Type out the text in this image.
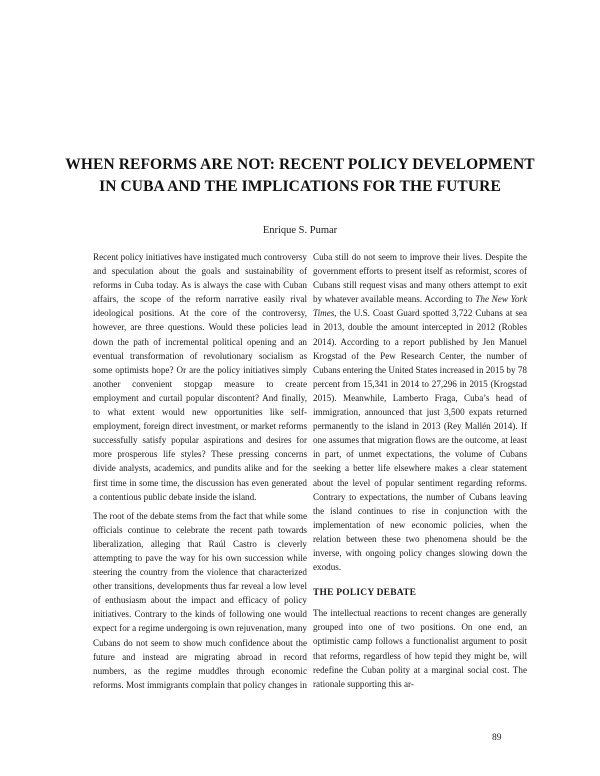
WHEN REFORMS ARE NOT: RECENT POLICY DEVELOPMENT
IN CUBA AND THE IMPLICATIONS FOR THE FUTURE
Enrique S. Pumar

Recent policy initiatives have instigated much controversy and speculation about the goals and sustainability of reforms in Cuba today. As is always the case with Cuban affairs, the scope of the reform narrative easily rival ideological positions. At the core of the controversy, however, are three questions. Would these policies lead down the path of incremental political opening and an eventual transformation of revolutionary socialism as some optimists hope? Or are the policy initiatives simply another convenient stopgap measure to create employment and curtail popular discontent? And finally, to what extent would new opportunities like self-employment, foreign direct investment, or market reforms successfully satisfy popular aspirations and desires for more prosperous life styles? These pressing concerns divide analysts, academics, and pundits alike and for the first time in some time, the discussion has even generated a contentious public debate inside the island.

The root of the debate stems from the fact that while some officials continue to celebrate the recent path towards liberalization, alleging that Raúl Castro is cleverly attempting to pave the way for his own succession while steering the country from the violence that characterized other transitions, developments thus far reveal a low level of enthusiasm about the impact and efficacy of policy initiatives. Contrary to the kinds of following one would expect for a regime undergoing is own rejuvenation, many Cubans do not seem to show much confidence about the future and instead are migrating abroad in record numbers, as the regime muddles through economic reforms. Most immigrants complain that policy changes in

Cuba still do not seem to improve their lives. Despite the government efforts to present itself as reformist, scores of Cubans still request visas and many others attempt to exit by whatever available means. According to The New York Times, the U.S. Coast Guard spotted 3,722 Cubans at sea in 2013, double the amount intercepted in 2012 (Robles 2014). According to a report published by Jen Manuel Krogstad of the Pew Research Center, the number of Cubans entering the United States increased in 2015 by 78 percent from 15,341 in 2014 to 27,296 in 2015 (Krogstad 2015). Meanwhile, Lamberto Fraga, Cuba’s head of immigration, announced that just 3,500 expats returned permanently to the island in 2013 (Rey Mallén 2014). If one assumes that migration flows are the outcome, at least in part, of unmet expectations, the volume of Cubans seeking a better life elsewhere makes a clear statement about the level of popular sentiment regarding reforms. Contrary to expectations, the number of Cubans leaving the island continues to rise in conjunction with the implementation of new economic policies, when the relation between these two phenomena should be the inverse, with ongoing policy changes slowing down the exodus.

THE POLICY DEBATE

The intellectual reactions to recent changes are generally grouped into one of two positions. On one end, an optimistic camp follows a functionalist argument to posit that reforms, regardless of how tepid they might be, will redefine the Cuban polity at a marginal social cost. The rationale supporting this ar-

89
